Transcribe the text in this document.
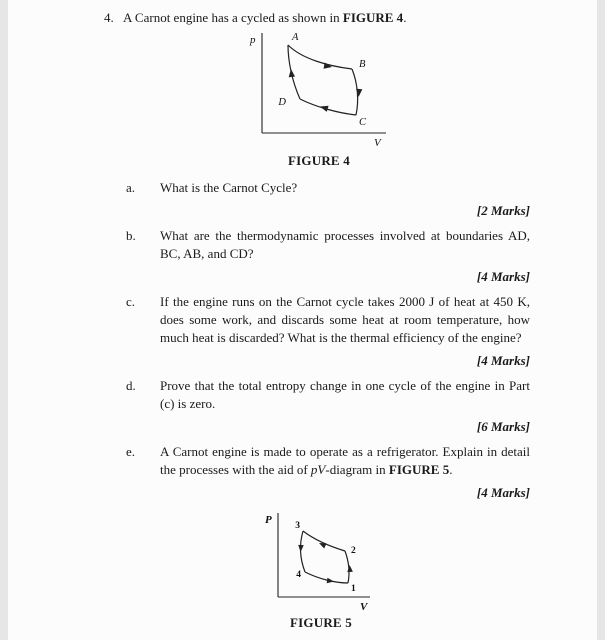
4. A Carnot engine has a cycled as shown in FIGURE 4.
p
V
A
B
C
D
FIGURE 4
a.	What is the Carnot Cycle?
[2 Marks]
b.	What are the thermodynamic processes involved at boundaries AD, BC, AB, and CD?
[4 Marks]
c.	If the engine runs on the Carnot cycle takes 2000 J of heat at 450 K, does some work, and discards some heat at room temperature, how much heat is discarded? What is the thermal efficiency of the engine?
[4 Marks]
d.	Prove that the total entropy change in one cycle of the engine in Part (c) is zero.
[6 Marks]
e.	A Carnot engine is made to operate as a refrigerator. Explain in detail the processes with the aid of pV-diagram in FIGURE 5.
[4 Marks]
P
V
3
2
1
4
FIGURE 5
